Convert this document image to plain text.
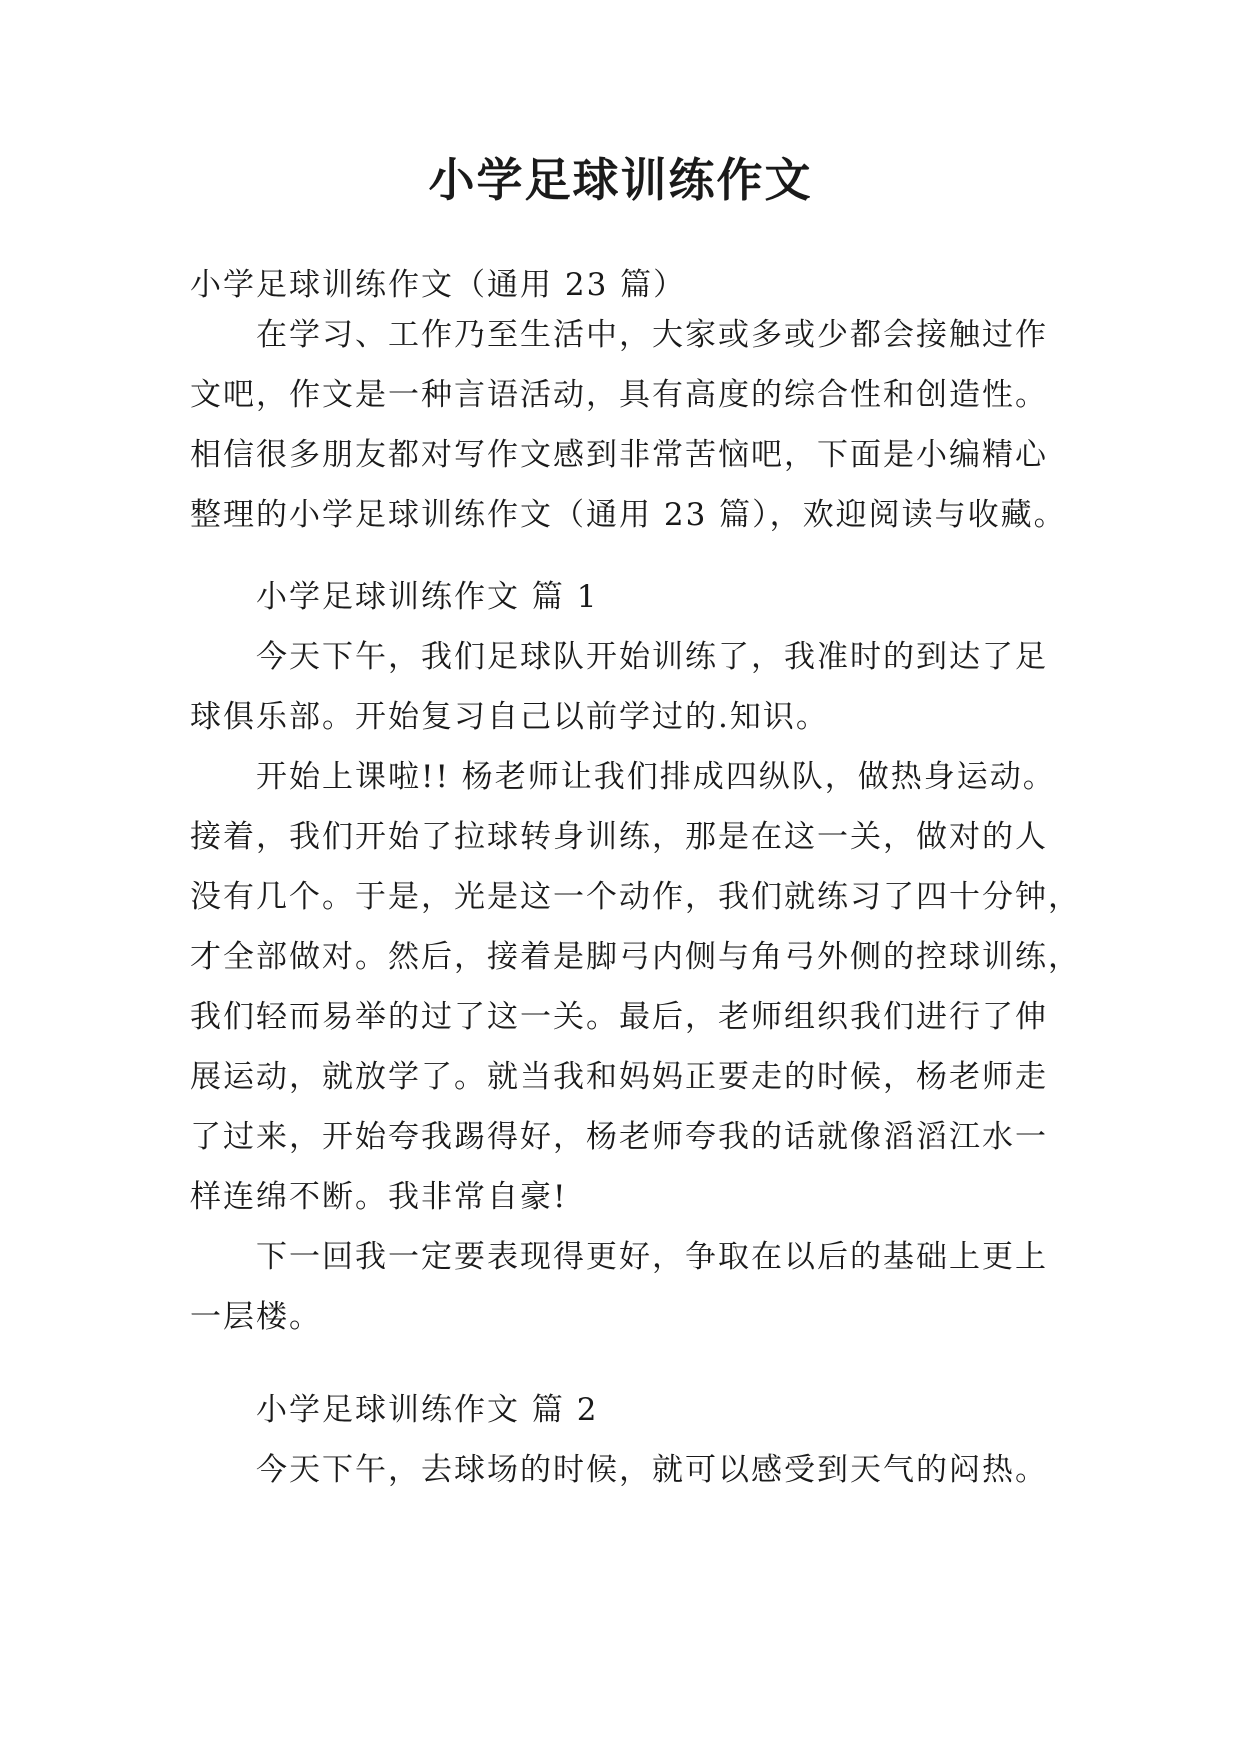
小学足球训练作文
小学足球训练作文（通用 23 篇）
在学习、工作乃至生活中，大家或多或少都会接触过作
文吧，作文是一种言语活动，具有高度的综合性和创造性。
相信很多朋友都对写作文感到非常苦恼吧，下面是小编精心
整理的小学足球训练作文（通用 23 篇），欢迎阅读与收藏。
小学足球训练作文 篇 1
今天下午，我们足球队开始训练了，我准时的到达了足
球俱乐部。开始复习自己以前学过的.知识。
开始上课啦!! 杨老师让我们排成四纵队，做热身运动。
接着，我们开始了拉球转身训练，那是在这一关，做对的人
没有几个。于是，光是这一个动作，我们就练习了四十分钟，
才全部做对。然后，接着是脚弓内侧与角弓外侧的控球训练，
我们轻而易举的过了这一关。最后，老师组织我们进行了伸
展运动，就放学了。就当我和妈妈正要走的时候，杨老师走
了过来，开始夸我踢得好，杨老师夸我的话就像滔滔江水一
样连绵不断。我非常自豪!
下一回我一定要表现得更好，争取在以后的基础上更上
一层楼。
小学足球训练作文 篇 2
今天下午，去球场的时候，就可以感受到天气的闷热。
